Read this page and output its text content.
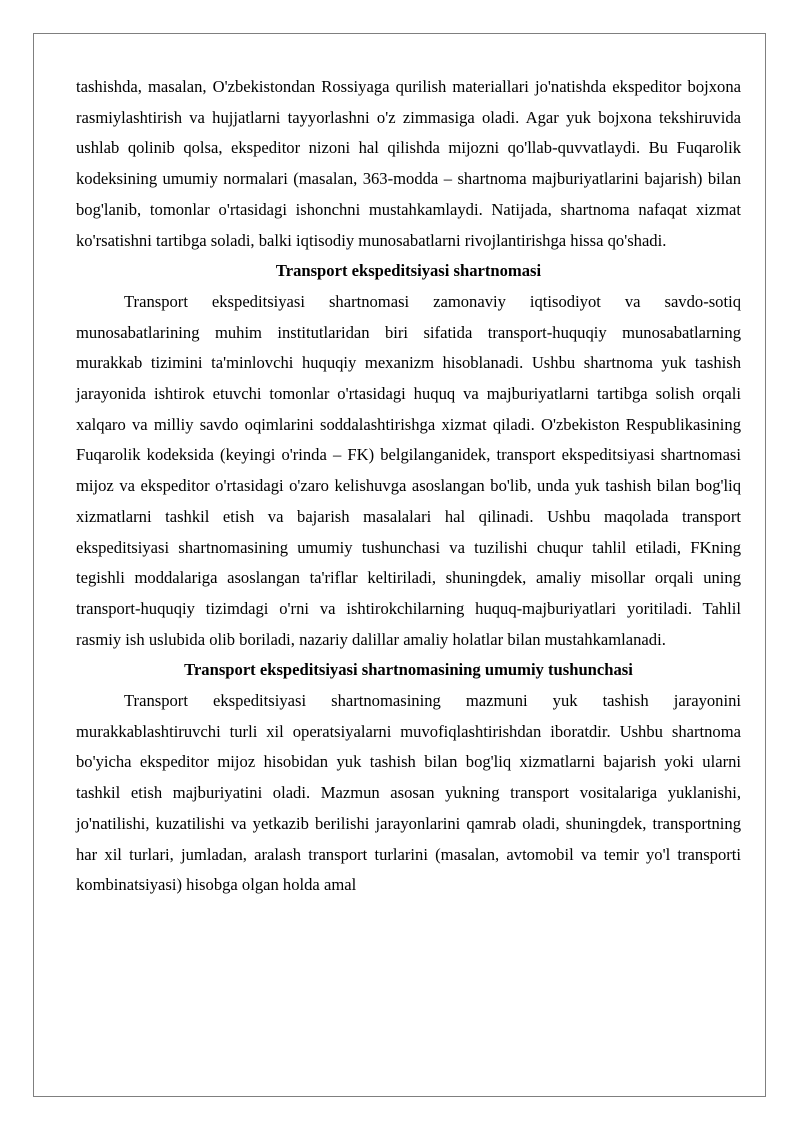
tashishda, masalan, O'zbekistondan Rossiyaga qurilish materiallari jo'natishda ekspeditor bojxona rasmiylashtirish va hujjatlarni tayyorlashni o'z zimmasiga oladi. Agar yuk bojxona tekshiruvida ushlab qolinib qolsa, ekspeditor nizoni hal qilishda mijozni qo'llab-quvvatlaydi. Bu Fuqarolik kodeksining umumiy normalari (masalan, 363-modda – shartnoma majburiyatlarini bajarish) bilan bog'lanib, tomonlar o'rtasidagi ishonchni mustahkamlaydi. Natijada, shartnoma nafaqat xizmat ko'rsatishni tartibga soladi, balki iqtisodiy munosabatlarni rivojlantirishga hissa qo'shadi.

Transport ekspeditsiyasi shartnomasi

Transport ekspeditsiyasi shartnomasi zamonaviy iqtisodiyot va savdo-sotiq munosabatlarining muhim institutlaridan biri sifatida transport-huquqiy munosabatlarning murakkab tizimini ta'minlovchi huquqiy mexanizm hisoblanadi. Ushbu shartnoma yuk tashish jarayonida ishtirok etuvchi tomonlar o'rtasidagi huquq va majburiyatlarni tartibga solish orqali xalqaro va milliy savdo oqimlarini soddalashtirishga xizmat qiladi. O'zbekiston Respublikasining Fuqarolik kodeksida (keyingi o'rinda – FK) belgilanganidek, transport ekspeditsiyasi shartnomasi mijoz va ekspeditor o'rtasidagi o'zaro kelishuvga asoslangan bo'lib, unda yuk tashish bilan bog'liq xizmatlarni tashkil etish va bajarish masalalari hal qilinadi. Ushbu maqolada transport ekspeditsiyasi shartnomasining umumiy tushunchasi va tuzilishi chuqur tahlil etiladi, FKning tegishli moddalariga asoslangan ta'riflar keltiriladi, shuningdek, amaliy misollar orqali uning transport-huquqiy tizimdagi o'rni va ishtirokchilarning huquq-majburiyatlari yoritiladi. Tahlil rasmiy ish uslubida olib boriladi, nazariy dalillar amaliy holatlar bilan mustahkamlanadi.

Transport ekspeditsiyasi shartnomasining umumiy tushunchasi

Transport ekspeditsiyasi shartnomasining mazmuni yuk tashish jarayonini murakkablashtiruvchi turli xil operatsiyalarni muvofiqlashtirishdan iboratdir. Ushbu shartnoma bo'yicha ekspeditor mijoz hisobidan yuk tashish bilan bog'liq xizmatlarni bajarish yoki ularni tashkil etish majburiyatini oladi. Mazmun asosan yukning transport vositalariga yuklanishi, jo'natilishi, kuzatilishi va yetkazib berilishi jarayonlarini qamrab oladi, shuningdek, transportning har xil turlari, jumladan, aralash transport turlarini (masalan, avtomobil va temir yo'l transporti kombinatsiyasi) hisobga olgan holda amal
